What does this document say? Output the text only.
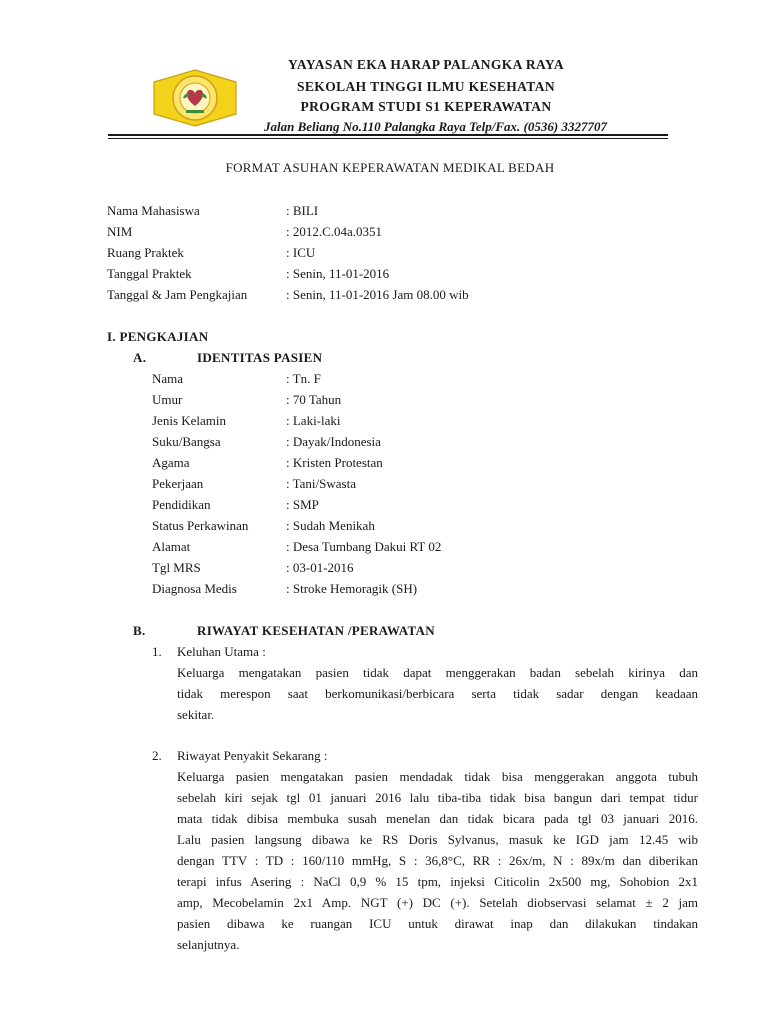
YAYASAN EKA HARAP PALANGKA RAYA
SEKOLAH TINGGI ILMU KESEHATAN
PROGRAM STUDI S1 KEPERAWATAN
Jalan Beliang No.110 Palangka Raya Telp/Fax. (0536) 3327707
FORMAT ASUHAN KEPERAWATAN MEDIKAL BEDAH
Nama Mahasiswa	: BILI
NIM	: 2012.C.04a.0351
Ruang Praktek	: ICU
Tanggal Praktek	: Senin, 11-01-2016
Tanggal & Jam Pengkajian	: Senin, 11-01-2016 Jam 08.00 wib
I. PENGKAJIAN
A.	IDENTITAS PASIEN
Nama	: Tn. F
Umur	: 70 Tahun
Jenis Kelamin	: Laki-laki
Suku/Bangsa	: Dayak/Indonesia
Agama	: Kristen Protestan
Pekerjaan	: Tani/Swasta
Pendidikan	: SMP
Status Perkawinan	: Sudah Menikah
Alamat	: Desa Tumbang Dakui RT 02
Tgl MRS	: 03-01-2016
Diagnosa Medis	: Stroke Hemoragik (SH)
B.	RIWAYAT KESEHATAN /PERAWATAN
1. Keluhan Utama :
Keluarga mengatakan pasien tidak dapat menggerakan badan sebelah kirinya dan
tidak merespon saat berkomunikasi/berbicara serta tidak sadar dengan keadaan
sekitar.
2. Riwayat Penyakit Sekarang :
Keluarga pasien mengatakan pasien mendadak tidak bisa menggerakan anggota tubuh
sebelah kiri sejak tgl 01 januari 2016 lalu tiba-tiba tidak bisa bangun dari tempat tidur
mata tidak dibisa membuka susah menelan dan tidak bicara pada tgl 03 januari 2016.
Lalu pasien langsung dibawa ke RS Doris Sylvanus, masuk ke IGD jam 12.45 wib
dengan TTV : TD : 160/110 mmHg, S : 36,8°C, RR : 26x/m, N : 89x/m dan diberikan
terapi infus Asering : NaCl 0,9 % 15 tpm, injeksi Citicolin 2x500 mg, Sohobion 2x1
amp, Mecobelamin 2x1 Amp. NGT (+) DC (+). Setelah diobservasi selamat ± 2 jam
pasien dibawa ke ruangan ICU untuk dirawat inap dan dilakukan tindakan
selanjutnya.
